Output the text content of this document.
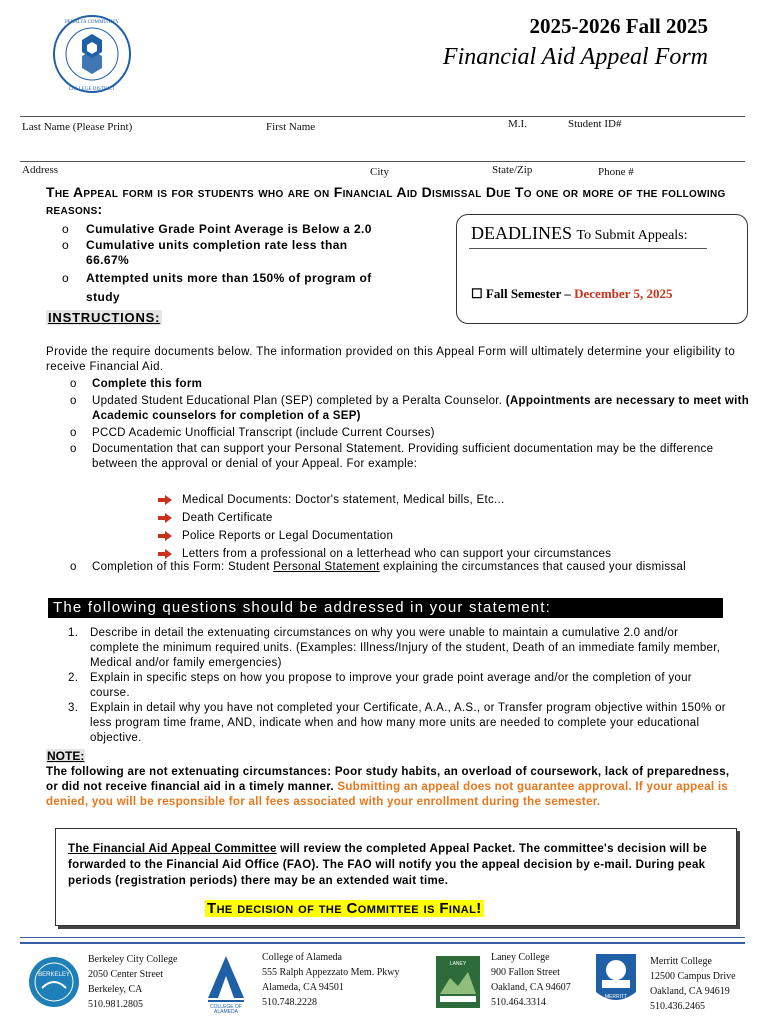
PERALTA COMMUNITY
COLLEGE DISTRICT
2025-2026 Fall 2025
Financial Aid Appeal Form
Last Name (Please Print)	First Name	M.I.	Student ID#
Address	City	State/Zip	Phone #
The Appeal form is for students who are on Financial Aid Dismissal Due To one or more of the following reasons:
o Cumulative Grade Point Average is Below a 2.0
o Cumulative units completion rate less than 66.67%
o Attempted units more than 150% of program of study
DEADLINES To Submit Appeals:
☐ Fall Semester – December 5, 2025
INSTRUCTIONS:
Provide the require documents below. The information provided on this Appeal Form will ultimately determine your eligibility to receive Financial Aid.
o Complete this form
o Updated Student Educational Plan (SEP) completed by a Peralta Counselor. (Appointments are necessary to meet with Academic counselors for completion of a SEP)
o PCCD Academic Unofficial Transcript (include Current Courses)
o Documentation that can support your Personal Statement. Providing sufficient documentation may be the difference between the approval or denial of your Appeal. For example:
Medical Documents: Doctor's statement, Medical bills, Etc...
Death Certificate
Police Reports or Legal Documentation
Letters from a professional on a letterhead who can support your circumstances
o Completion of this Form: Student Personal Statement explaining the circumstances that caused your dismissal
The following questions should be addressed in your statement:
1. Describe in detail the extenuating circumstances on why you were unable to maintain a cumulative 2.0 and/or complete the minimum required units. (Examples: Illness/Injury of the student, Death of an immediate family member, Medical and/or family emergencies)
2. Explain in specific steps on how you propose to improve your grade point average and/or the completion of your course.
3. Explain in detail why you have not completed your Certificate, A.A., A.S., or Transfer program objective within 150% or less program time frame, AND, indicate when and how many more units are needed to complete your educational objective.
NOTE:
The following are not extenuating circumstances: Poor study habits, an overload of coursework, lack of preparedness, or did not receive financial aid in a timely manner. Submitting an appeal does not guarantee approval. If your appeal is denied, you will be responsible for all fees associated with your enrollment during the semester.
The Financial Aid Appeal Committee will review the completed Appeal Packet. The committee's decision will be forwarded to the Financial Aid Office (FAO). The FAO will notify you the appeal decision by e-mail. During peak periods (registration periods) there may be an extended wait time.
The decision of the Committee is Final!
BERKELEY
Berkeley City College
2050 Center Street
Berkeley, CA
510.981.2805	COLLEGE OF
ALAMEDA
College of Alameda
555 Ralph Appezzato Mem. Pkwy
Alameda, CA 94501
510.748.2228
LANEY
Laney College
900 Fallon Street
Oakland, CA 94607
510.464.3314	MERRITT
Merritt College
12500 Campus Drive
Oakland, CA 94619
510.436.2465
